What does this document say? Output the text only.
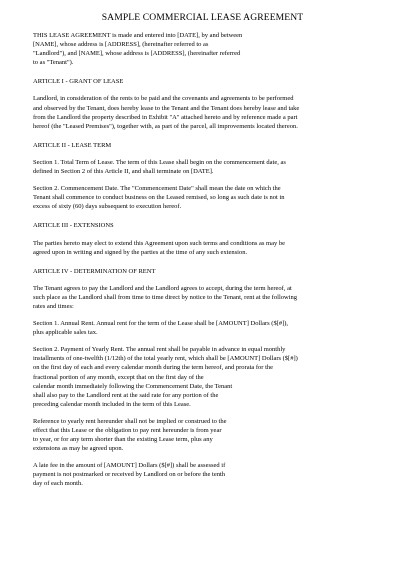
SAMPLE COMMERCIAL LEASE AGREEMENT

THIS LEASE AGREEMENT is made and entered into [DATE], by and between

[NAME], whose address is [ADDRESS], (hereinafter referred to as

"Landlord"), and [NAME], whose address is [ADDRESS], (hereinafter referred

to as "Tenant").

ARTICLE I - GRANT OF LEASE

Landlord, in consideration of the rents to be paid and the covenants and agreements to be performed

and observed by the Tenant, does hereby lease to the Tenant and the Tenant does hereby lease and take

from the Landlord the property described in Exhibit "A" attached hereto and by reference made a part

hereof (the "Leased Premises"), together with, as part of the parcel, all improvements located thereon.

ARTICLE II - LEASE TERM

Section 1. Total Term of Lease. The term of this Lease shall begin on the commencement date, as

defined in Section 2 of this Article II, and shall terminate on [DATE].

Section 2. Commencement Date. The "Commencement Date" shall mean the date on which the

Tenant shall commence to conduct business on the Leased remised, so long as such date is not in

excess of sixty (60) days subsequent to execution hereof.

ARTICLE III - EXTENSIONS

The parties hereto may elect to extend this Agreement upon such terms and conditions as may be

agreed upon in writing and signed by the parties at the time of any such extension.

ARTICLE IV - DETERMINATION OF RENT

The Tenant agrees to pay the Landlord and the Landlord agrees to accept, during the term hereof, at

such place as the Landlord shall from time to time direct by notice to the Tenant, rent at the following

rates and times:

Section 1. Annual Rent. Annual rent for the term of the Lease shall be [AMOUNT] Dollars ($[#]),

plus applicable sales tax.

Section 2. Payment of Yearly Rent. The annual rent shall be payable in advance in equal monthly

installments of one-twelfth (1/12th) of the total yearly rent, which shall be [AMOUNT] Dollars ($[#])

on the first day of each and every calendar month during the term hereof, and prorata for the

fractional portion of any month, except that on the first day of the

calendar month immediately following the Commencement Date, the Tenant

shall also pay to the Landlord rent at the said rate for any portion of the

preceding calendar month included in the term of this Lease.

Reference to yearly rent hereunder shall not be implied or construed to the

effect that this Lease or the obligation to pay rent hereunder is from year

to year, or for any term shorter than the existing Lease term, plus any

extensions as may be agreed upon.

A late fee in the amount of [AMOUNT] Dollars ($[#]) shall be assessed if

payment is not postmarked or received by Landlord on or before the tenth

day of each month.
